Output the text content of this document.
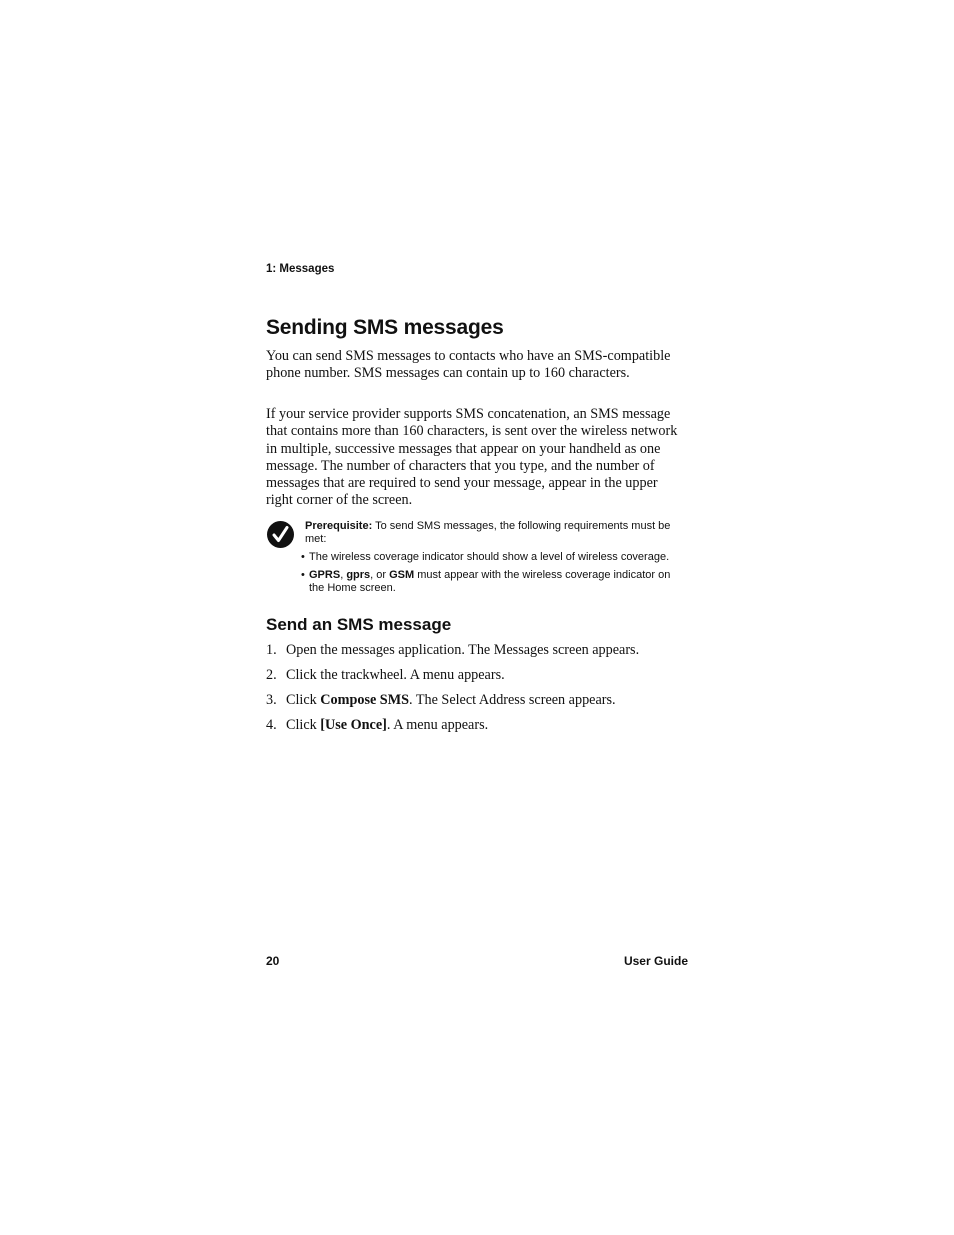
1: Messages
Sending SMS messages

You can send SMS messages to contacts who have an SMS-compatible phone number. SMS messages can contain up to 160 characters.

If your service provider supports SMS concatenation, an SMS message that contains more than 160 characters, is sent over the wireless network in multiple, successive messages that appear on your handheld as one message. The number of characters that you type, and the number of messages that are required to send your message, appear in the upper right corner of the screen.

Prerequisite: To send SMS messages, the following requirements must be met:
• The wireless coverage indicator should show a level of wireless coverage.
• GPRS, gprs, or GSM must appear with the wireless coverage indicator on the Home screen.
Send an SMS message
1. Open the messages application. The Messages screen appears.
2. Click the trackwheel. A menu appears.
3. Click Compose SMS. The Select Address screen appears.
4. Click [Use Once]. A menu appears.
20	User Guide
